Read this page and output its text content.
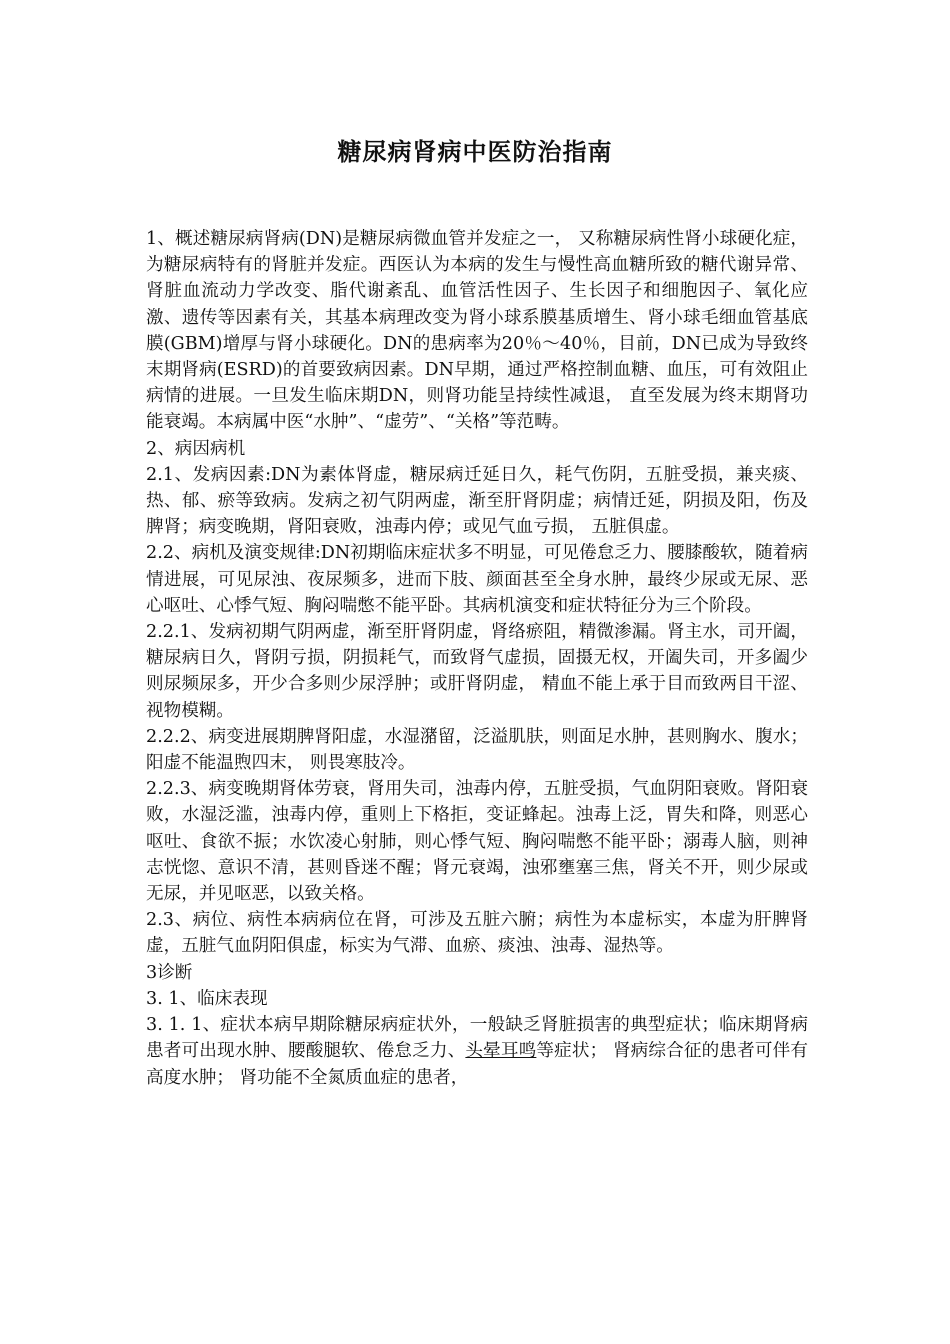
糖尿病肾病中医防治指南

1、概述糖尿病肾病(DN)是糖尿病微血管并发症之一， 又称糖尿病性肾小球硬化症，为糖尿病特有的肾脏并发症。西医认为本病的发生与慢性高血糖所致的糖代谢异常、肾脏血流动力学改变、脂代谢紊乱、血管活性因子、生长因子和细胞因子、氧化应激、遗传等因素有关，其基本病理改变为肾小球系膜基质增生、肾小球毛细血管基底膜(GBM)增厚与肾小球硬化。DN的患病率为20％～40％，目前，DN已成为导致终末期肾病(ESRD)的首要致病因素。DN早期，通过严格控制血糖、血压，可有效阻止病情的进展。一旦发生临床期DN，则肾功能呈持续性减退， 直至发展为终末期肾功能衰竭。本病属中医“水肿”、“虚劳”、“关格”等范畴。

2、病因病机

2.1、发病因素:DN为素体肾虚，糖尿病迁延日久，耗气伤阴，五脏受损，兼夹痰、热、郁、瘀等致病。发病之初气阴两虚，渐至肝肾阴虚；病情迁延，阴损及阳，伤及脾肾；病变晚期，肾阳衰败，浊毒内停；或见气血亏损， 五脏俱虚。

2.2、病机及演变规律:DN初期临床症状多不明显，可见倦怠乏力、腰膝酸软，随着病情进展，可见尿浊、夜尿频多，进而下肢、颜面甚至全身水肿，最终少尿或无尿、恶心呕吐、心悸气短、胸闷喘憋不能平卧。其病机演变和症状特征分为三个阶段。

2.2.1、发病初期气阴两虚，渐至肝肾阴虚，肾络瘀阻，精微渗漏。肾主水，司开阖，糖尿病日久，肾阴亏损，阴损耗气，而致肾气虚损，固摄无权，开阖失司，开多阖少则尿频尿多，开少合多则少尿浮肿；或肝肾阴虚， 精血不能上承于目而致两目干涩、视物模糊。

2.2.2、病变进展期脾肾阳虚，水湿潴留，泛溢肌肤，则面足水肿，甚则胸水、腹水； 阳虚不能温煦四末， 则畏寒肢冷。

2.2.3、病变晚期肾体劳衰，肾用失司，浊毒内停，五脏受损，气血阴阳衰败。肾阳衰败，水湿泛滥，浊毒内停，重则上下格拒，变证蜂起。浊毒上泛，胃失和降，则恶心呕吐、食欲不振；水饮凌心射肺，则心悸气短、胸闷喘憋不能平卧；溺毒人脑，则神志恍惚、意识不清，甚则昏迷不醒；肾元衰竭，浊邪壅塞三焦，肾关不开，则少尿或无尿，并见呕恶，以致关格。

2.3、病位、病性本病病位在肾，可涉及五脏六腑；病性为本虚标实，本虚为肝脾肾虚，五脏气血阴阳俱虚，标实为气滞、血瘀、痰浊、浊毒、湿热等。

3诊断

3. 1、临床表现

3. 1. 1、症状本病早期除糖尿病症状外，一般缺乏肾脏损害的典型症状；临床期肾病患者可出现水肿、腰酸腿软、倦怠乏力、头晕耳鸣等症状； 肾病综合征的患者可伴有高度水肿； 肾功能不全氮质血症的患者，
